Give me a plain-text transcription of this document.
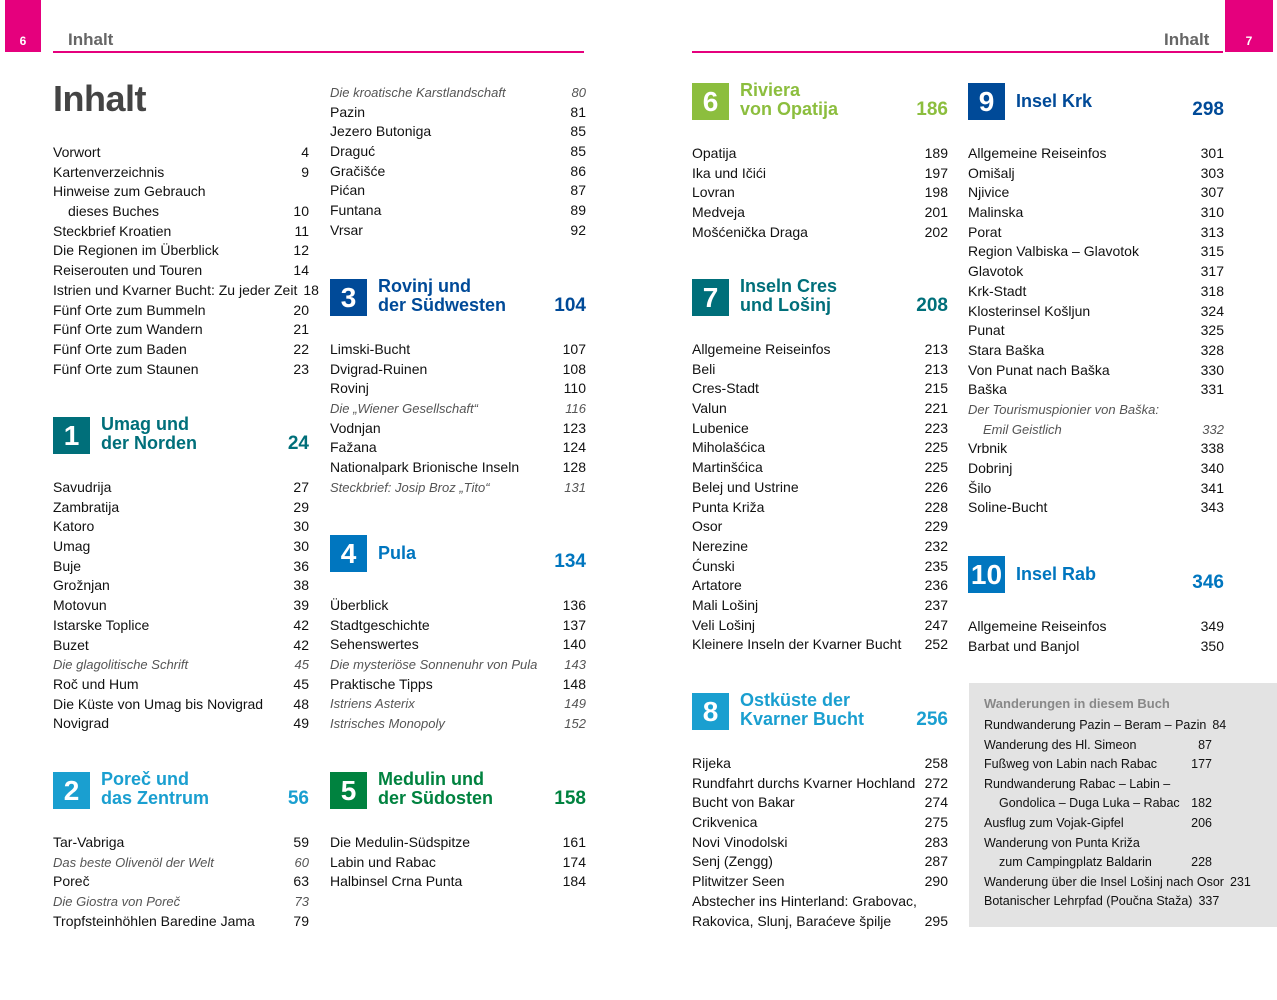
6	7
Inhalt	Inhalt
Inhalt
Vorwort	4
Kartenverzeichnis	9
Hinweise zum Gebrauch
dieses Buches	10
Steckbrief Kroatien	11
Die Regionen im Überblick	12
Reiserouten und Touren	14
Istrien und Kvarner Bucht: Zu jeder Zeit 18
Fünf Orte zum Bummeln	20
Fünf Orte zum Wandern	21
Fünf Orte zum Baden	22
Fünf Orte zum Staunen	23
1	Umag und
der Norden	24
Savudrija	27
Zambratija	29
Katoro	30
Umag	30
Buje	36
Grožnjan	38
Motovun	39
Istarske Toplice	42
Buzet	42
Die glagolitische Schrift	45
Roč und Hum	45
Die Küste von Umag bis Novigrad	48
Novigrad	49
2	Poreč und
das Zentrum	56
Tar-Vabriga	59
Das beste Olivenöl der Welt	60
Poreč	63
Die Giostra von Poreč	73
Tropfsteinhöhlen Baredine Jama	79
Die kroatische Karstlandschaft	80
Pazin	81
Jezero Butoniga	85
Draguć	85
Gračišće	86
Pićan	87
Funtana	89
Vrsar	92
3	Rovinj und
der Südwesten	104
Limski-Bucht	107
Dvigrad-Ruinen	108
Rovinj	110
Die „Wiener Gesellschaft“	116
Vodnjan	123
Fažana	124
Nationalpark Brionische Inseln	128
Steckbrief: Josip Broz „Tito“	131
4	Pula	134
Überblick	136
Stadtgeschichte	137
Sehenswertes	140
Die mysteriöse Sonnenuhr von Pula	143
Praktische Tipps	148
Istriens Asterix	149
Istrisches Monopoly	152
5	Medulin und
der Südosten	158
Die Medulin-Südspitze	161
Labin und Rabac	174
Halbinsel Crna Punta	184
6	Riviera
von Opatija	186
Opatija	189
Ika und Ičići	197
Lovran	198
Medveja	201
Mošćenička Draga	202
7	Inseln Cres
und Lošinj	208
Allgemeine Reiseinfos	213
Beli	213
Cres-Stadt	215
Valun	221
Lubenice	223
Miholašćica	225
Martinšćica	225
Belej und Ustrine	226
Punta Križa	228
Osor	229
Nerezine	232
Ćunski	235
Artatore	236
Mali Lošinj	237
Veli Lošinj	247
Kleinere Inseln der Kvarner Bucht	252
8	Ostküste der
Kvarner Bucht	256
Rijeka	258
Rundfahrt durchs Kvarner Hochland 272
Bucht von Bakar	274
Crikvenica	275
Novi Vinodolski	283
Senj (Zengg)	287
Plitwitzer Seen	290
Abstecher ins Hinterland: Grabovac,
Rakovica, Slunj, Baraćeve špilje	295
9	Insel Krk	298
Allgemeine Reiseinfos	301
Omišalj	303
Njivice	307
Malinska	310
Porat	313
Region Valbiska – Glavotok	315
Glavotok	317
Krk-Stadt	318
Klosterinsel Košljun	324
Punat	325
Stara Baška	328
Von Punat nach Baška	330
Baška	331
Der Tourismuspionier von Baška:
Emil Geistlich	332
Vrbnik	338
Dobrinj	340
Šilo	341
Soline-Bucht	343
10 Insel Rab	346
Allgemeine Reiseinfos	349
Barbat und Banjol	350
Wanderungen in diesem Buch
Rundwanderung Pazin – Beram – Pazin 84
Wanderung des Hl. Simeon	87
Fußweg von Labin nach Rabac	177
Rundwanderung Rabac – Labin –
Gondolica – Duga Luka – Rabac 182
Ausflug zum Vojak-Gipfel	206
Wanderung von Punta Križa
zum Campingplatz Baldarin	228
Wanderung über die Insel Lošinj nach Osor 231
Botanischer Lehrpfad (Poučna Staža) 337
